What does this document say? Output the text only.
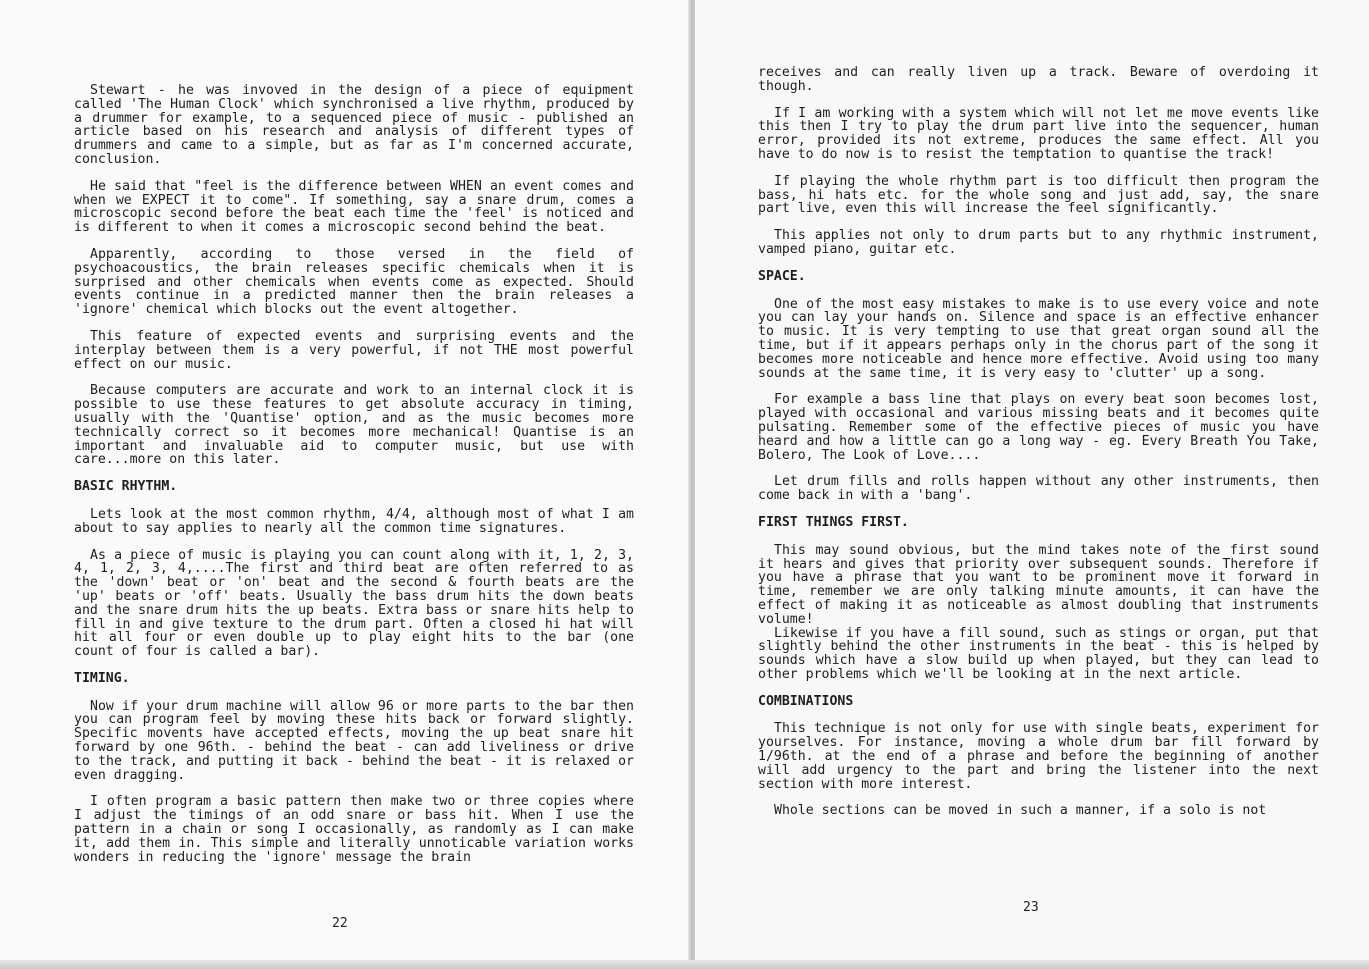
Stewart - he was invoved in the design of a piece of equipment called 'The Human Clock' which synchronised a live rhythm, produced by a drummer for example, to a sequenced piece of music - published an article based on his research and analysis of different types of drummers and came to a simple, but as far as I'm concerned accurate, conclusion.
He said that "feel is the difference between WHEN an event comes and when we EXPECT it to come". If something, say a snare drum, comes a microscopic second before the beat each time the 'feel' is noticed and is different to when it comes a microscopic second behind the beat.
Apparently, according to those versed in the field of psychoacoustics, the brain releases specific chemicals when it is surprised and other chemicals when events come as expected. Should events continue in a predicted manner then the brain releases a 'ignore' chemical which blocks out the event altogether.
This feature of expected events and surprising events and the interplay between them is a very powerful, if not THE most powerful effect on our music.
Because computers are accurate and work to an internal clock it is possible to use these features to get absolute accuracy in timing, usually with the 'Quantise' option, and as the music becomes more technically correct so it becomes more mechanical! Quantise is an important and invaluable aid to computer music, but use with care...more on this later.
BASIC RHYTHM.
Lets look at the most common rhythm, 4/4, although most of what I am about to say applies to nearly all the common time signatures.
As a piece of music is playing you can count along with it, 1, 2, 3, 4, 1, 2, 3, 4,....The first and third beat are often referred to as the 'down' beat or 'on' beat and the second & fourth beats are the 'up' beats or 'off' beats. Usually the bass drum hits the down beats and the snare drum hits the up beats. Extra bass or snare hits help to fill in and give texture to the drum part. Often a closed hi hat will hit all four or even double up to play eight hits to the bar (one count of four is called a bar).
TIMING.
Now if your drum machine will allow 96 or more parts to the bar then you can program feel by moving these hits back or forward slightly. Specific movents have accepted effects, moving the up beat snare hit forward by one 96th. - behind the beat - can add liveliness or drive to the track, and putting it back - behind the beat - it is relaxed or even dragging.
I often program a basic pattern then make two or three copies where I adjust the timings of an odd snare or bass hit. When I use the pattern in a chain or song I occasionally, as randomly as I can make it, add them in. This simple and literally unnoticable variation works wonders in reducing the 'ignore' message the brain
22
receives and can really liven up a track. Beware of overdoing it though.
If I am working with a system which will not let me move events like this then I try to play the drum part live into the sequencer, human error, provided its not extreme, produces the same effect. All you have to do now is to resist the temptation to quantise the track!
If playing the whole rhythm part is too difficult then program the bass, hi hats etc. for the whole song and just add, say, the snare part live, even this will increase the feel significantly.
This applies not only to drum parts but to any rhythmic instrument, vamped piano, guitar etc.
SPACE.
One of the most easy mistakes to make is to use every voice and note you can lay your hands on. Silence and space is an effective enhancer to music. It is very tempting to use that great organ sound all the time, but if it appears perhaps only in the chorus part of the song it becomes more noticeable and hence more effective. Avoid using too many sounds at the same time, it is very easy to 'clutter' up a song.
For example a bass line that plays on every beat soon becomes lost, played with occasional and various missing beats and it becomes quite pulsating. Remember some of the effective pieces of music you have heard and how a little can go a long way - eg. Every Breath You Take, Bolero, The Look of Love....
Let drum fills and rolls happen without any other instruments, then come back in with a 'bang'.
FIRST THINGS FIRST.
This may sound obvious, but the mind takes note of the first sound it hears and gives that priority over subsequent sounds. Therefore if you have a phrase that you want to be prominent move it forward in time, remember we are only talking minute amounts, it can have the effect of making it as noticeable as almost doubling that instruments volume!
Likewise if you have a fill sound, such as stings or organ, put that slightly behind the other instruments in the beat - this is helped by sounds which have a slow build up when played, but they can lead to other problems which we'll be looking at in the next article.
COMBINATIONS
This technique is not only for use with single beats, experiment for yourselves. For instance, moving a whole drum bar fill forward by 1/96th. at the end of a phrase and before the beginning of another will add urgency to the part and bring the listener into the next section with more interest.
Whole sections can be moved in such a manner, if a solo is not
23
